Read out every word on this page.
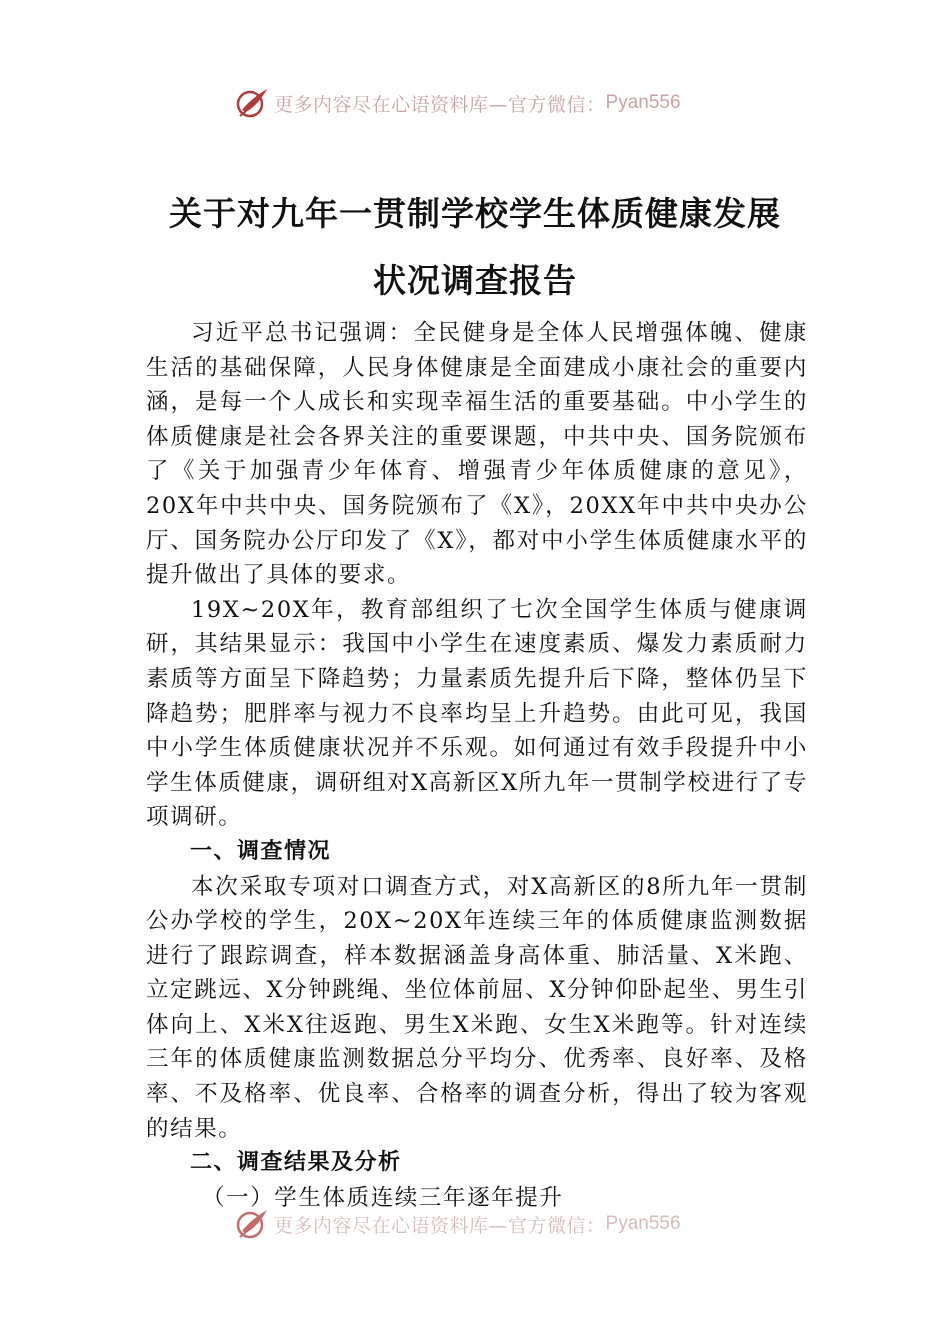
更多内容尽在心语资料库—官方微信： Pyan556
关于对九年一贯制学校学生体质健康发展
状况调查报告

习近平总书记强调：全民健身是全体人民增强体魄、健康生活的基础保障，人民身体健康是全面建成小康社会的重要内涵，是每一个人成长和实现幸福生活的重要基础。中小学生的体质健康是社会各界关注的重要课题，中共中央、国务院颁布了《关于加强青少年体育、增强青少年体质健康的意见》，20X年中共中央、国务院颁布了《X》，20XX年中共中央办公厅、国务院办公厅印发了《X》，都对中小学生体质健康水平的提升做出了具体的要求。

19X~20X年，教育部组织了七次全国学生体质与健康调研，其结果显示：我国中小学生在速度素质、爆发力素质耐力素质等方面呈下降趋势；力量素质先提升后下降，整体仍呈下降趋势；肥胖率与视力不良率均呈上升趋势。由此可见，我国中小学生体质健康状况并不乐观。如何通过有效手段提升中小学生体质健康，调研组对X高新区X所九年一贯制学校进行了专项调研。

一、调查情况

本次采取专项对口调查方式，对X高新区的8所九年一贯制公办学校的学生，20X~20X年连续三年的体质健康监测数据进行了跟踪调查，样本数据涵盖身高体重、肺活量、X米跑、立定跳远、X分钟跳绳、坐位体前屈、X分钟仰卧起坐、男生引体向上、X米X往返跑、男生X米跑、女生X米跑等。针对连续三年的体质健康监测数据总分平均分、优秀率、良好率、及格率、不及格率、优良率、合格率的调查分析，得出了较为客观的结果。

二、调查结果及分析

（一）学生体质连续三年逐年提升

更多内容尽在心语资料库—官方微信： Pyan556
